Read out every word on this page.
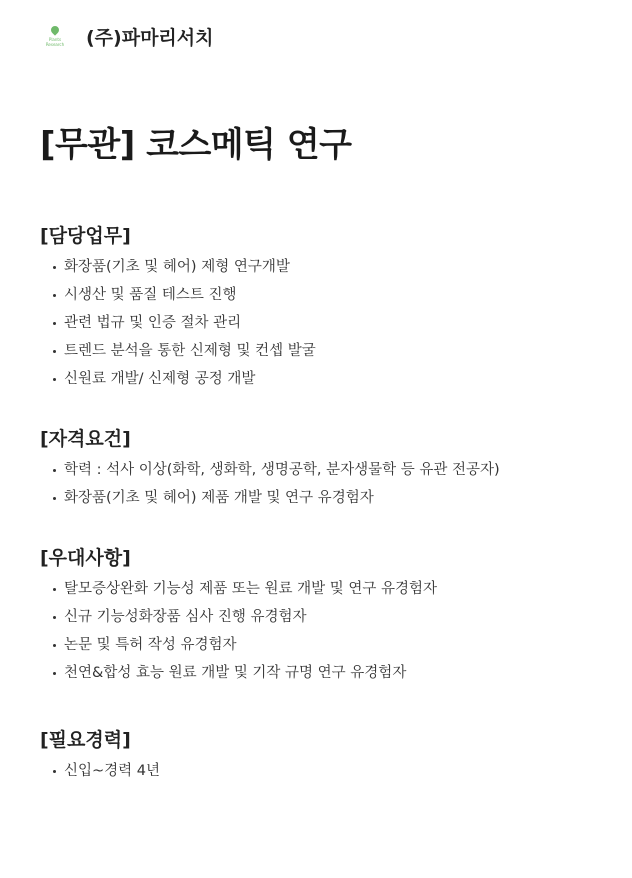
Plants
Research (주)파마리서치
[무관] 코스메틱 연구
[담당업무]
화장품(기초 및 헤어) 제형 연구개발
시생산 및 품질 테스트 진행
관련 법규 및 인증 절차 관리
트렌드 분석을 통한 신제형 및 컨셉 발굴
신원료 개발/ 신제형 공정 개발
[자격요건]
학력 : 석사 이상(화학, 생화학, 생명공학, 분자생물학 등 유관 전공자)
화장품(기초 및 헤어) 제품 개발 및 연구 유경험자
[우대사항]
탈모증상완화 기능성 제품 또는 원료 개발 및 연구 유경험자
신규 기능성화장품 심사 진행 유경험자
논문 및 특허 작성 유경험자
천연&합성 효능 원료 개발 및 기작 규명 연구 유경험자
[필요경력]
신입~경력 4년
